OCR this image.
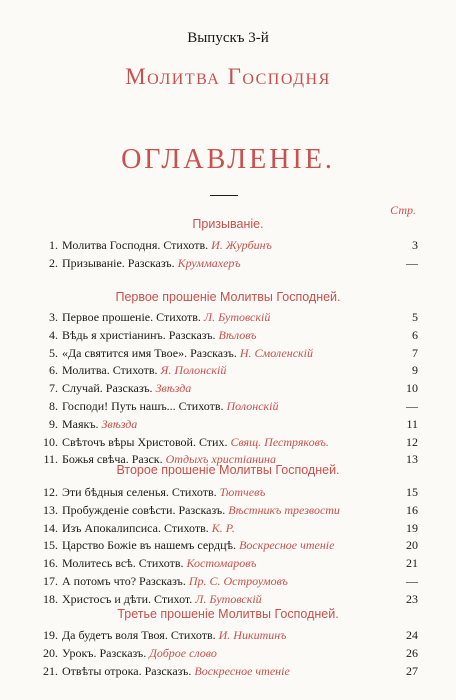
Выпускъ 3-й
Молитва Господня
ОГЛАВЛЕНІЕ.
Стр.
Призываніе.
1. Молитва Господня. Стихотв. И. Журбинъ	3
2. Призываніе. Разсказъ. Круммахеръ	—
Первое прошеніе Молитвы Господней.
3. Первое прошеніе. Стихотв. Л. Бутовскій	5
4. Вѣдь я христіанинъ. Разсказъ. Вѣловъ	6
5. «Да святится имя Твое». Разсказъ. Н. Смоленскій	7
6. Молитва. Стихотв. Я. Полонскій	9
7. Случай. Разсказъ. Звѣзда	10
8. Господи! Путь нашъ... Стихотв. Полонскій	—
9. Маякъ. Звѣзда	11
10. Свѣточъ вѣры Христовой. Стих. Свящ. Пестряковъ.	12
11. Божья свѣча. Разск. Отдыхъ христіанина	13
Второе прошеніе Молитвы Господней.
12. Эти бѣдныя селенья. Стихотв. Тютчевъ	15
13. Пробужденіе совѣсти. Разсказъ. Вѣстникъ трезвости	16
14. Изъ Апокалипсиса. Стихотв. К. Р.	19
15. Царство Божіе въ нашемъ сердцѣ. Воскресное чтеніе	20
16. Молитесь всѣ. Стихотв. Костомаровъ	21
17. А потомъ что? Разсказъ. Пр. С. Остроумовъ	—
18. Христосъ и дѣти. Стихот. Л. Бутовскій	23
Третье прошеніе Молитвы Господней.
19. Да будетъ воля Твоя. Стихотв. И. Никитинъ	24
20. Урокъ. Разсказъ. Доброе слово	26
21. Отвѣты отрока. Разсказъ. Воскресное чтеніе	27
